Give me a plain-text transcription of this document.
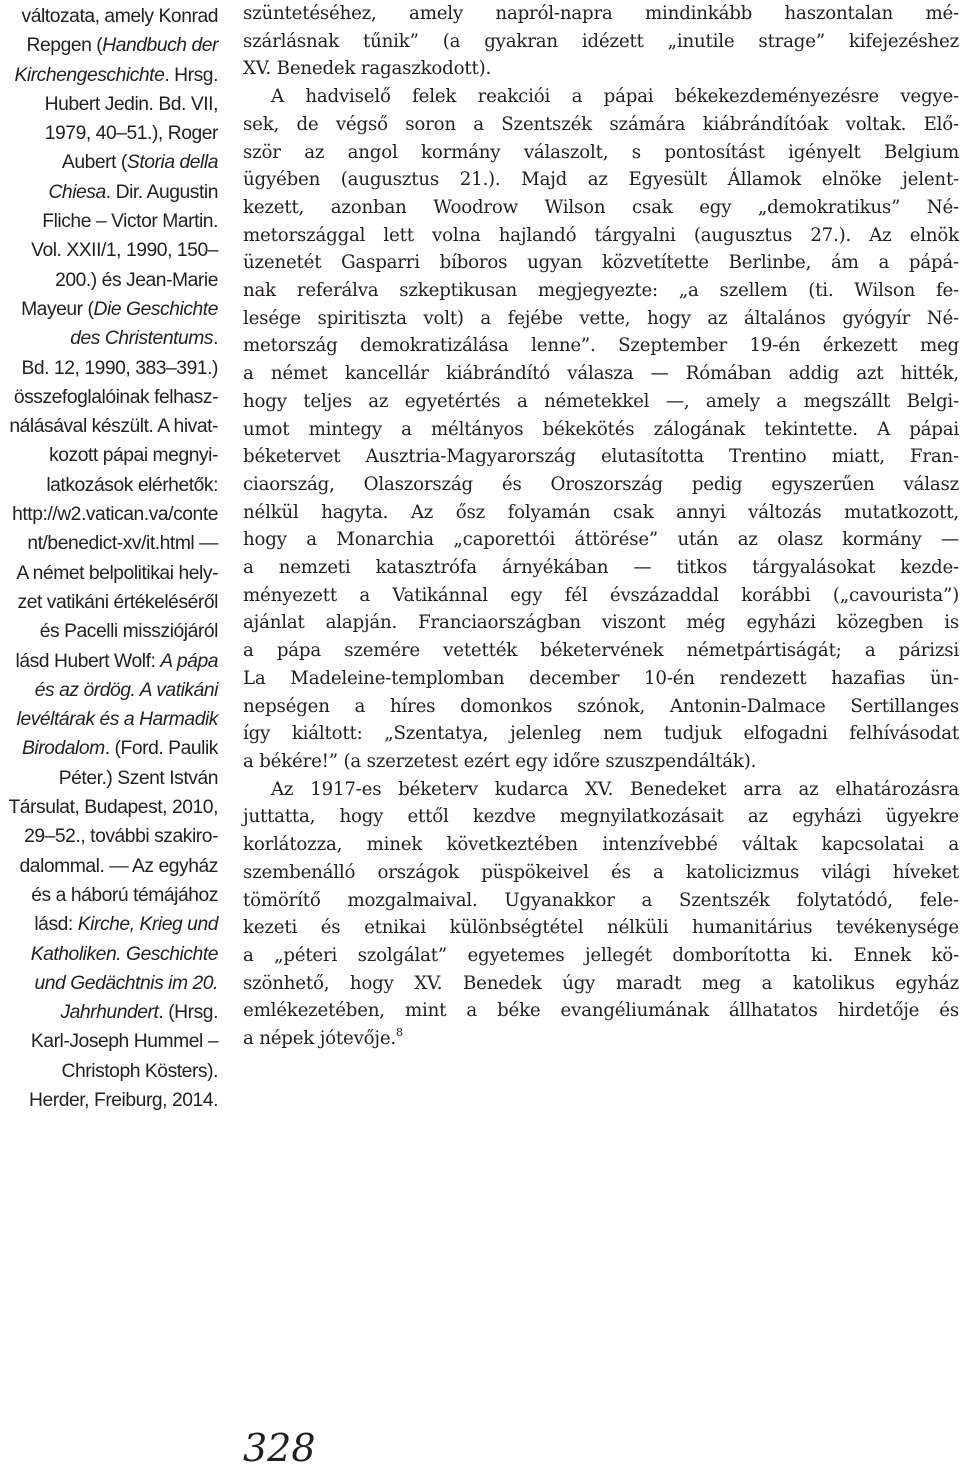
változata, amely Konrad
Repgen (Handbuch der
Kirchengeschichte. Hrsg.
Hubert Jedin. Bd. VII,
1979, 40–51.), Roger
Aubert (Storia della
Chiesa. Dir. Augustin
Fliche – Victor Martin.
Vol. XXII/1, 1990, 150–
200.) és Jean-Marie
Mayeur (Die Geschichte
des Christentums.
Bd. 12, 1990, 383–391.)
összefoglalóinak felhasz-
nálásával készült. A hivat-
kozott pápai megnyi-
latkozások elérhetők:
http://w2.vatican.va/conte
nt/benedict-xv/it.html —
A német belpolitikai hely-
zet vatikáni értékeléséről
és Pacelli missziójáról
lásd Hubert Wolf: A pápa
és az ördög. A vatikáni
levéltárak és a Harmadik
Birodalom. (Ford. Paulik
Péter.) Szent István
Társulat, Budapest, 2010,
29–52., további szakiro-
dalommal. — Az egyház
és a háború témájához
lásd: Kirche, Krieg und
Katholiken. Geschichte
und Gedächtnis im 20.
Jahrhundert. (Hrsg.
Karl-Joseph Hummel –
Christoph Kösters).
Herder, Freiburg, 2014.
szüntetéséhez, amely napról-napra mindinkább haszontalan mé-
szárlásnak tűnik” (a gyakran idézett „inutile strage” kifejezéshez
XV. Benedek ragaszkodott).
A hadviselő felek reakciói a pápai békekezdeményezésre vegye-
sek, de végső soron a Szentszék számára kiábrándítóak voltak. Elő-
ször az angol kormány válaszolt, s pontosítást igényelt Belgium
ügyében (augusztus 21.). Majd az Egyesült Államok elnöke jelent-
kezett, azonban Woodrow Wilson csak egy „demokratikus” Né-
metországgal lett volna hajlandó tárgyalni (augusztus 27.). Az elnök
üzenetét Gasparri bíboros ugyan közvetítette Berlinbe, ám a pápá-
nak referálva szkeptikusan megjegyezte: „a szellem (ti. Wilson fe-
lesége spiritiszta volt) a fejébe vette, hogy az általános gyógyír Né-
metország demokratizálása lenne”. Szeptember 19-én érkezett meg
a német kancellár kiábrándító válasza — Rómában addig azt hitték,
hogy teljes az egyetértés a németekkel —, amely a megszállt Belgi-
umot mintegy a méltányos békekötés zálogának tekintette. A pápai
béketervet Ausztria-Magyarország elutasította Trentino miatt, Fran-
ciaország, Olaszország és Oroszország pedig egyszerűen válasz
nélkül hagyta. Az ősz folyamán csak annyi változás mutatkozott,
hogy a Monarchia „caporettói áttörése” után az olasz kormány —
a nemzeti katasztrófa árnyékában — titkos tárgyalásokat kezde-
ményezett a Vatikánnal egy fél évszázaddal korábbi („cavourista”)
ajánlat alapján. Franciaországban viszont még egyházi közegben is
a pápa szemére vetették béketervének németpártiságát; a párizsi
La Madeleine-templomban december 10-én rendezett hazafias ün-
nepségen a híres domonkos szónok, Antonin-Dalmace Sertillanges
így kiáltott: „Szentatya, jelenleg nem tudjuk elfogadni felhívásodat
a békére!” (a szerzetest ezért egy időre szuszpendálták).
Az 1917-es béketerv kudarca XV. Benedeket arra az elhatározásra
juttatta, hogy ettől kezdve megnyilatkozásait az egyházi ügyekre
korlátozza, minek következtében intenzívebbé váltak kapcsolatai a
szembenálló országok püspökeivel és a katolicizmus világi híveket
tömörítő mozgalmaival. Ugyanakkor a Szentszék folytatódó, fele-
kezeti és etnikai különbségtétel nélküli humanitárius tevékenysége
a „péteri szolgálat” egyetemes jellegét domborította ki. Ennek kö-
szönhető, hogy XV. Benedek úgy maradt meg a katolikus egyház
emlékezetében, mint a béke evangéliumának állhatatos hirdetője és
a népek jótevője.$^8$
328
